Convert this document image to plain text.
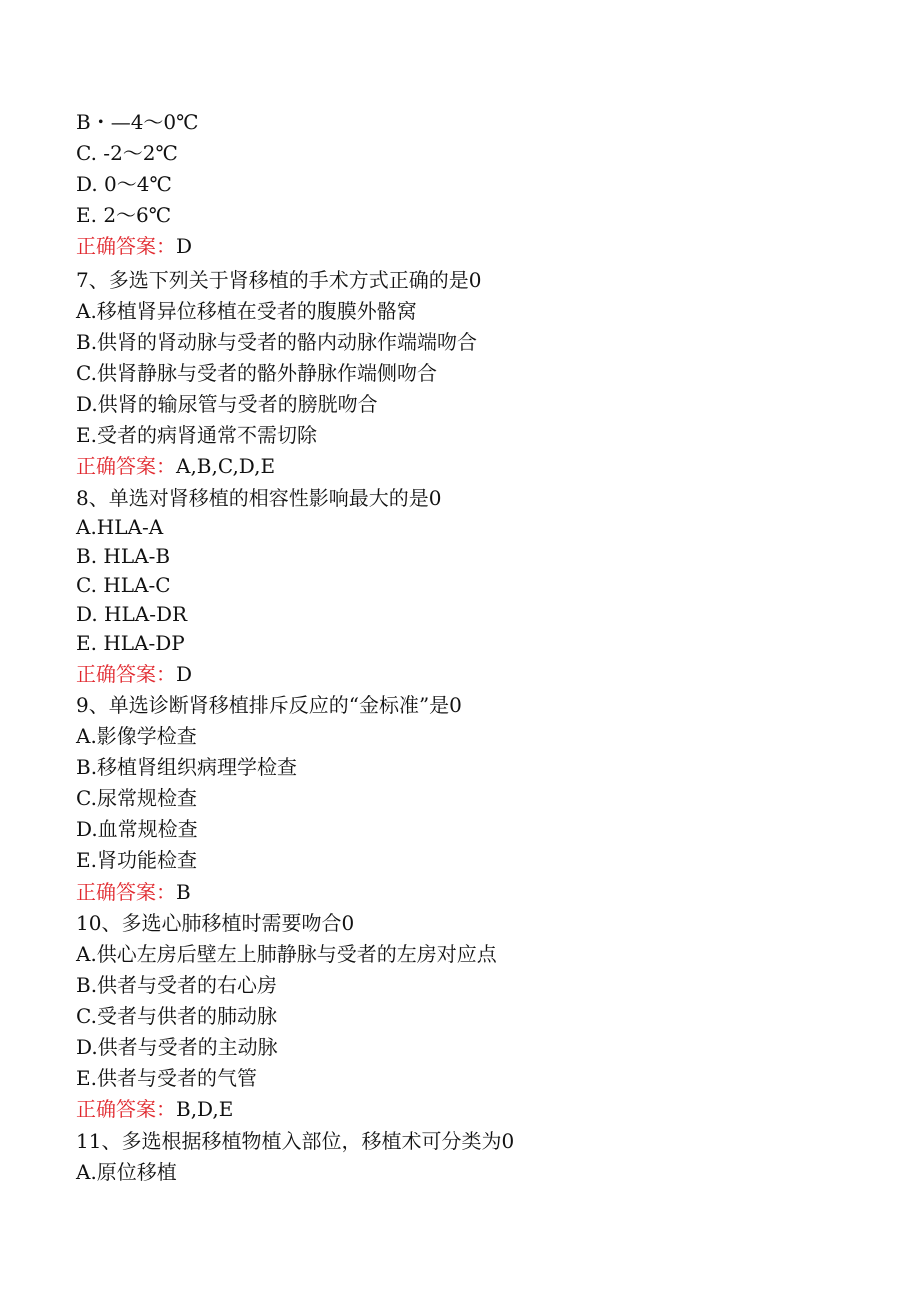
B・—4～0℃
C. -2～2℃
D. 0～4℃
E. 2～6℃
正确答案：D
7、多选下列关于肾移植的手术方式正确的是0
A.移植肾异位移植在受者的腹膜外骼窝
B.供肾的肾动脉与受者的骼内动脉作端端吻合
C.供肾静脉与受者的骼外静脉作端侧吻合
D.供肾的输尿管与受者的膀胱吻合
E.受者的病肾通常不需切除
正确答案：A,B,C,D,E
8、单选对肾移植的相容性影响最大的是0
A.HLA-A
B. HLA-B
C. HLA-C
D. HLA-DR
E. HLA-DP
正确答案：D
9、单选诊断肾移植排斥反应的“金标准”是0
A.影像学检查
B.移植肾组织病理学检查
C.尿常规检查
D.血常规检查
E.肾功能检查
正确答案：B
10、多选心肺移植时需要吻合0
A.供心左房后壁左上肺静脉与受者的左房对应点
B.供者与受者的右心房
C.受者与供者的肺动脉
D.供者与受者的主动脉
E.供者与受者的气管
正确答案：B,D,E
11、多选根据移植物植入部位，移植术可分类为0
A.原位移植
